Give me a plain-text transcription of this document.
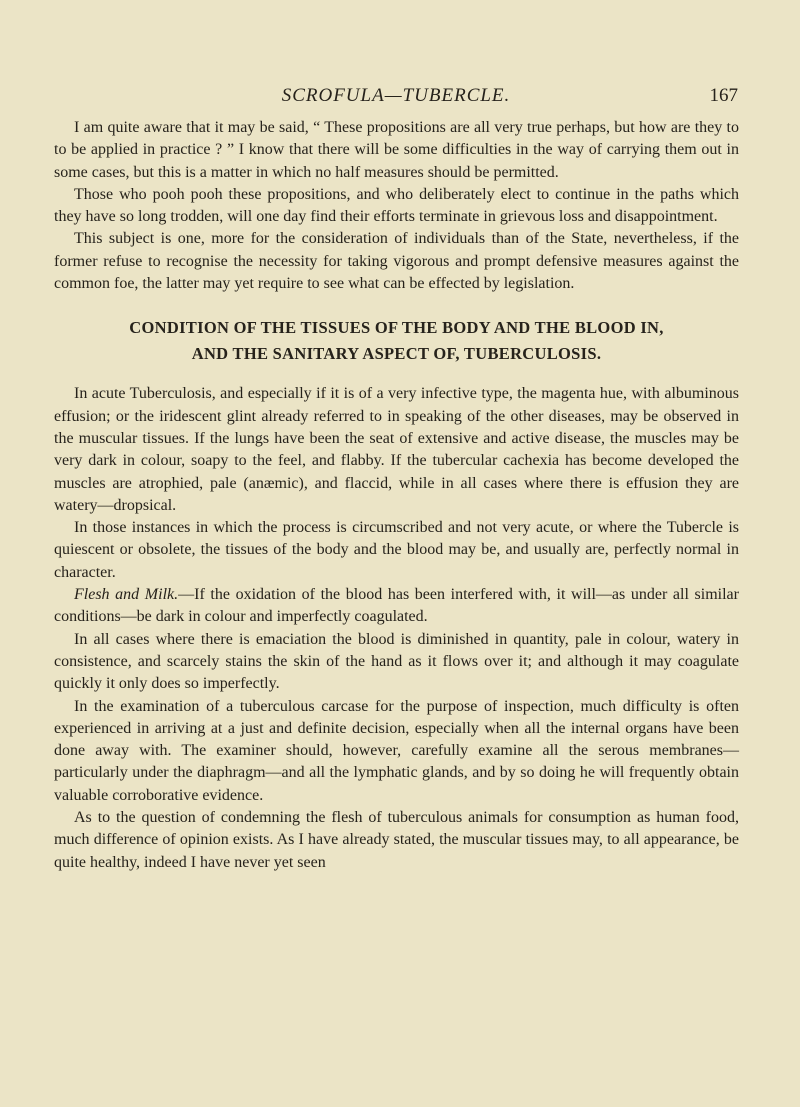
SCROFULA—TUBERCLE.	167

I am quite aware that it may be said, “ These propositions are all very true perhaps, but how are they to to be applied in practice ? ” I know that there will be some difficulties in the way of carrying them out in some cases, but this is a matter in which no half measures should be permitted.

Those who pooh pooh these propositions, and who deliberately elect to continue in the paths which they have so long trodden, will one day find their efforts terminate in grievous loss and disappointment.

This subject is one, more for the consideration of individuals than of the State, nevertheless, if the former refuse to recognise the necessity for taking vigorous and prompt defensive measures against the common foe, the latter may yet require to see what can be effected by legislation.

CONDITION OF THE TISSUES OF THE BODY AND THE BLOOD IN,
AND THE SANITARY ASPECT OF, TUBERCULOSIS.

In acute Tuberculosis, and especially if it is of a very infective type, the magenta hue, with albuminous effusion; or the iridescent glint already referred to in speaking of the other diseases, may be observed in the muscular tissues. If the lungs have been the seat of extensive and active disease, the muscles may be very dark in colour, soapy to the feel, and flabby. If the tubercular cachexia has become developed the muscles are atrophied, pale (anæmic), and flaccid, while in all cases where there is effusion they are watery—dropsical.

In those instances in which the process is circumscribed and not very acute, or where the Tubercle is quiescent or obsolete, the tissues of the body and the blood may be, and usually are, perfectly normal in character.

Flesh and Milk.—If the oxidation of the blood has been interfered with, it will—as under all similar conditions—be dark in colour and imperfectly coagulated.

In all cases where there is emaciation the blood is diminished in quantity, pale in colour, watery in consistence, and scarcely stains the skin of the hand as it flows over it; and although it may coagulate quickly it only does so imperfectly.

In the examination of a tuberculous carcase for the purpose of inspection, much difficulty is often experienced in arriving at a just and definite decision, especially when all the internal organs have been done away with. The examiner should, however, carefully examine all the serous membranes—particularly under the diaphragm—and all the lymphatic glands, and by so doing he will frequently obtain valuable corroborative evidence.

As to the question of condemning the flesh of tuberculous animals for consumption as human food, much difference of opinion exists. As I have already stated, the muscular tissues may, to all appearance, be quite healthy, indeed I have never yet seen
